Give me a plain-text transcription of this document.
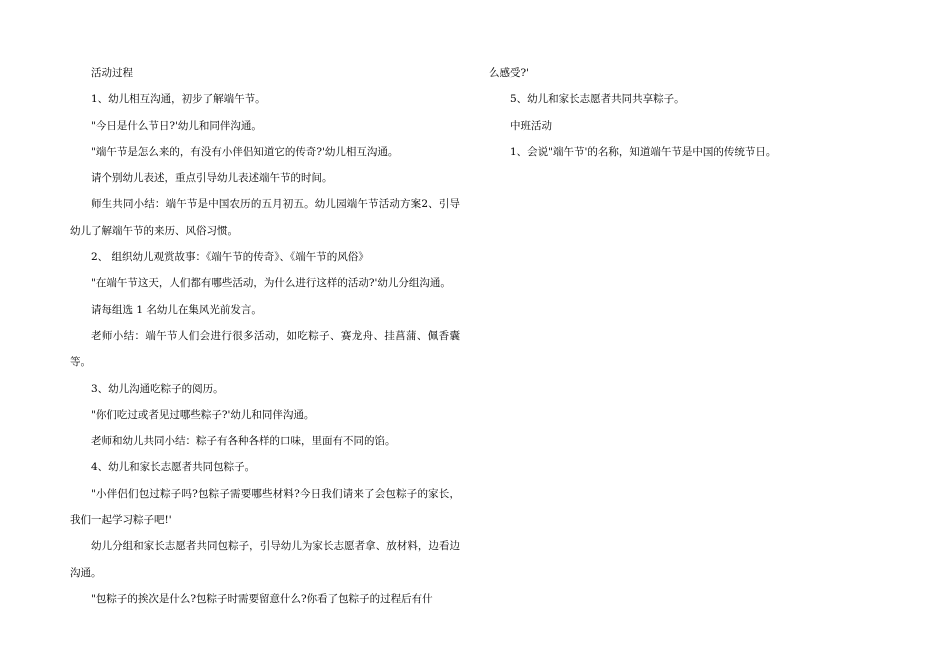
活动过程

1、幼儿相互沟通，初步了解端午节。

"今日是什么节日?'幼儿和同伴沟通。

"端午节是怎么来的，有没有小伴侣知道它的传奇?'幼儿相互沟通。

请个别幼儿表述，重点引导幼儿表述端午节的时间。

师生共同小结：端午节是中国农历的五月初五。幼儿园端午节活动方案2、引导幼儿了解端午节的来历、风俗习惯。

2、 组织幼儿观赏故事：《端午节的传奇》、《端午节的风俗》

"在端午节这天，人们都有哪些活动，为什么进行这样的活动?'幼儿分组沟通。

请每组选 1 名幼儿在集风光前发言。

老师小结：端午节人们会进行很多活动，如吃粽子、赛龙舟、挂菖蒲、佩香囊等。

3、幼儿沟通吃粽子的阅历。

"你们吃过或者见过哪些粽子?'幼儿和同伴沟通。

老师和幼儿共同小结：粽子有各种各样的口味，里面有不同的馅。

4、幼儿和家长志愿者共同包粽子。

"小伴侣们包过粽子吗?包粽子需要哪些材料?今日我们请来了会包粽子的家长，我们一起学习粽子吧!'

幼儿分组和家长志愿者共同包粽子，引导幼儿为家长志愿者拿、放材料，边看边沟通。

"包粽子的挨次是什么?包粽子时需要留意什么?你看了包粽子的过程后有什

么感受?'

5、幼儿和家长志愿者共同共享粽子。

中班活动

1、会说"端午节'的名称，知道端午节是中国的传统节日。
